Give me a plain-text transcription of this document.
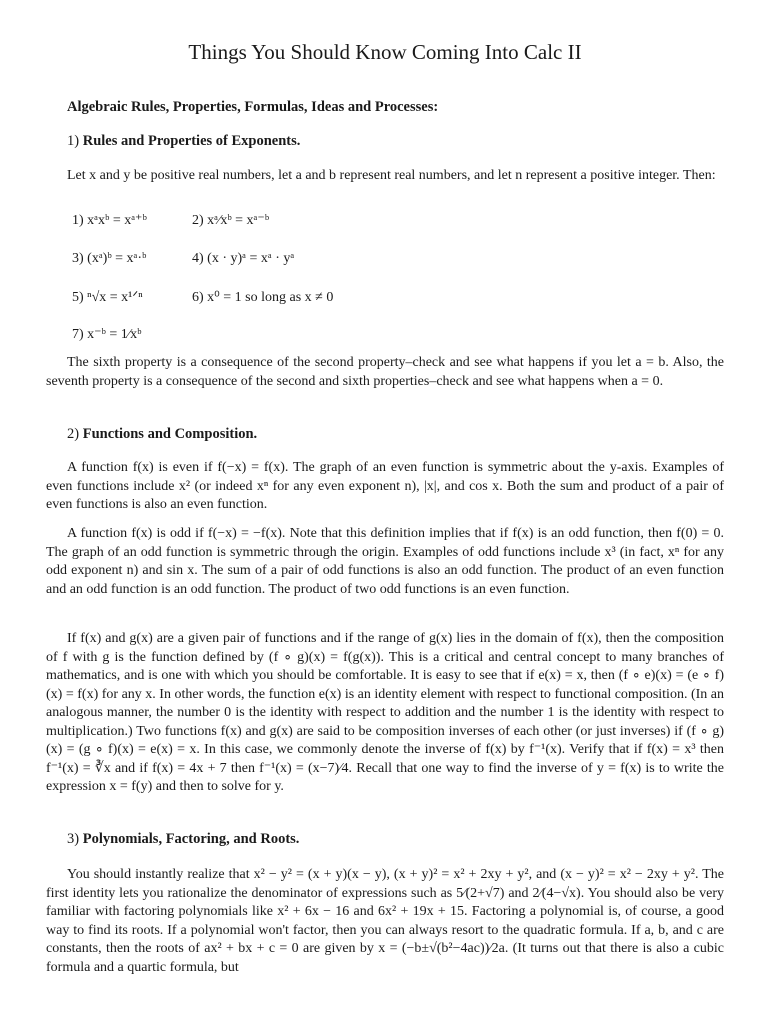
Things You Should Know Coming Into Calc II
Algebraic Rules, Properties, Formulas, Ideas and Processes:
1) Rules and Properties of Exponents.
Let x and y be positive real numbers, let a and b represent real numbers, and let n represent a positive integer. Then:
1) xᵃxᵇ = xᵃ⁺ᵇ	2) xᵃ⁄xᵇ = xᵃ⁻ᵇ
3) (xᵃ)ᵇ = xᵃ·ᵇ	4) (x · y)ᵃ = xᵃ · yᵃ
5) ⁿ√x = x¹ᐟⁿ	6) x⁰ = 1 so long as x ≠ 0
7) x⁻ᵇ = 1⁄xᵇ
The sixth property is a consequence of the second property–check and see what happens if you let a = b. Also, the seventh property is a consequence of the second and sixth properties–check and see what happens when a = 0.
2) Functions and Composition.
A function f(x) is even if f(−x) = f(x). The graph of an even function is symmetric about the y-axis. Examples of even functions include x² (or indeed xⁿ for any even exponent n), |x|, and cos x. Both the sum and product of a pair of even functions is also an even function.
A function f(x) is odd if f(−x) = −f(x). Note that this definition implies that if f(x) is an odd function, then f(0) = 0. The graph of an odd function is symmetric through the origin. Examples of odd functions include x³ (in fact, xⁿ for any odd exponent n) and sin x. The sum of a pair of odd functions is also an odd function. The product of an even function and an odd function is an odd function. The product of two odd functions is an even function.
If f(x) and g(x) are a given pair of functions and if the range of g(x) lies in the domain of f(x), then the composition of f with g is the function defined by (f ∘ g)(x) = f(g(x)). This is a critical and central concept to many branches of mathematics, and is one with which you should be comfortable. It is easy to see that if e(x) = x, then (f ∘ e)(x) = (e ∘ f)(x) = f(x) for any x. In other words, the function e(x) is an identity element with respect to functional composition. (In an analogous manner, the number 0 is the identity with respect to addition and the number 1 is the identity with respect to multiplication.) Two functions f(x) and g(x) are said to be composition inverses of each other (or just inverses) if (f ∘ g)(x) = (g ∘ f)(x) = e(x) = x. In this case, we commonly denote the inverse of f(x) by f⁻¹(x). Verify that if f(x) = x³ then f⁻¹(x) = ∛x and if f(x) = 4x + 7 then f⁻¹(x) = (x−7)⁄4. Recall that one way to find the inverse of y = f(x) is to write the expression x = f(y) and then to solve for y.
3) Polynomials, Factoring, and Roots.
You should instantly realize that x² − y² = (x + y)(x − y), (x + y)² = x² + 2xy + y², and (x − y)² = x² − 2xy + y². The first identity lets you rationalize the denominator of expressions such as 5⁄(2+√7) and 2⁄(4−√x). You should also be very familiar with factoring polynomials like x² + 6x − 16 and 6x² + 19x + 15. Factoring a polynomial is, of course, a good way to find its roots. If a polynomial won't factor, then you can always resort to the quadratic formula. If a, b, and c are constants, then the roots of ax² + bx + c = 0 are given by x = (−b±√(b²−4ac))⁄2a. (It turns out that there is also a cubic formula and a quartic formula, but
